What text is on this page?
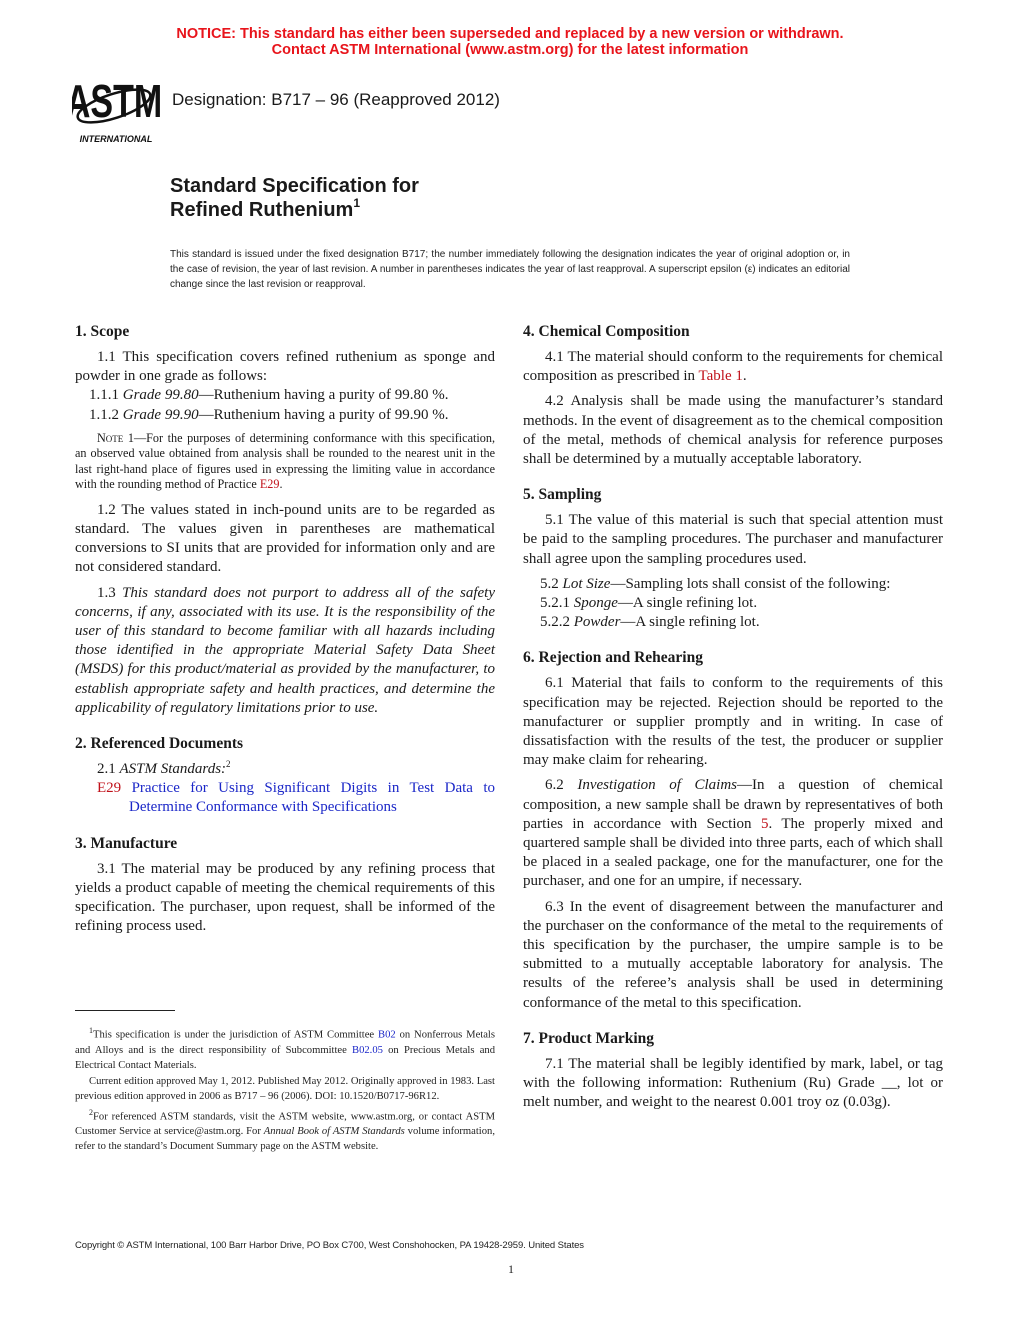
NOTICE: This standard has either been superseded and replaced by a new version or withdrawn.
Contact ASTM International (www.astm.org) for the latest information
ASTM
INTERNATIONAL
Designation: B717 – 96 (Reapproved 2012)
Standard Specification for
Refined Ruthenium$^1$
This standard is issued under the fixed designation B717; the number immediately following the designation indicates the year of original adoption or, in the case of revision, the year of last revision. A number in parentheses indicates the year of last reapproval. A superscript epsilon (ε) indicates an editorial change since the last revision or reapproval.
1. Scope

1.1 This specification covers refined ruthenium as sponge and powder in one grade as follows:

1.1.1 Grade 99.80—Ruthenium having a purity of 99.80 %.

1.1.2 Grade 99.90—Ruthenium having a purity of 99.90 %.

Note 1—For the purposes of determining conformance with this specification, an observed value obtained from analysis shall be rounded to the nearest unit in the last right-hand place of figures used in expressing the limiting value in accordance with the rounding method of Practice E29.

1.2 The values stated in inch-pound units are to be regarded as standard. The values given in parentheses are mathematical conversions to SI units that are provided for information only and are not considered standard.

1.3 This standard does not purport to address all of the safety concerns, if any, associated with its use. It is the responsibility of the user of this standard to become familiar with all hazards including those identified in the appropriate Material Safety Data Sheet (MSDS) for this product/material as provided by the manufacturer, to establish appropriate safety and health practices, and determine the applicability of regulatory limitations prior to use.

2. Referenced Documents

2.1 ASTM Standards:$^2$

E29 Practice for Using Significant Digits in Test Data to Determine Conformance with Specifications

3. Manufacture

3.1 The material may be produced by any refining process that yields a product capable of meeting the chemical requirements of this specification. The purchaser, upon request, shall be informed of the refining process used.

4. Chemical Composition

4.1 The material should conform to the requirements for chemical composition as prescribed in Table 1.

4.2 Analysis shall be made using the manufacturer’s standard methods. In the event of disagreement as to the chemical composition of the metal, methods of chemical analysis for reference purposes shall be determined by a mutually acceptable laboratory.

5. Sampling

5.1 The value of this material is such that special attention must be paid to the sampling procedures. The purchaser and manufacturer shall agree upon the sampling procedures used.

5.2 Lot Size—Sampling lots shall consist of the following:

5.2.1 Sponge—A single refining lot.

5.2.2 Powder—A single refining lot.

6. Rejection and Rehearing

6.1 Material that fails to conform to the requirements of this specification may be rejected. Rejection should be reported to the manufacturer or supplier promptly and in writing. In case of dissatisfaction with the results of the test, the producer or supplier may make claim for rehearing.

6.2 Investigation of Claims—In a question of chemical composition, a new sample shall be drawn by representatives of both parties in accordance with Section 5. The properly mixed and quartered sample shall be divided into three parts, each of which shall be placed in a sealed package, one for the manufacturer, one for the purchaser, and one for an umpire, if necessary.

6.3 In the event of disagreement between the manufacturer and the purchaser on the conformance of the metal to the requirements of this specification by the purchaser, the umpire sample is to be submitted to a mutually acceptable laboratory for analysis. The results of the referee’s analysis shall be used in determining conformance of the metal to this specification.

7. Product Marking

7.1 The material shall be legibly identified by mark, label, or tag with the following information: Ruthenium (Ru) Grade __, lot or melt number, and weight to the nearest 0.001 troy oz (0.03g).

$^1$This specification is under the jurisdiction of ASTM Committee B02 on Nonferrous Metals and Alloys and is the direct responsibility of Subcommittee B02.05 on Precious Metals and Electrical Contact Materials.

Current edition approved May 1, 2012. Published May 2012. Originally approved in 1983. Last previous edition approved in 2006 as B717 – 96 (2006). DOI: 10.1520/B0717-96R12.

$^2$For referenced ASTM standards, visit the ASTM website, www.astm.org, or contact ASTM Customer Service at service@astm.org. For Annual Book of ASTM Standards volume information, refer to the standard’s Document Summary page on the ASTM website.

Copyright © ASTM International, 100 Barr Harbor Drive, PO Box C700, West Conshohocken, PA 19428-2959. United States
1
